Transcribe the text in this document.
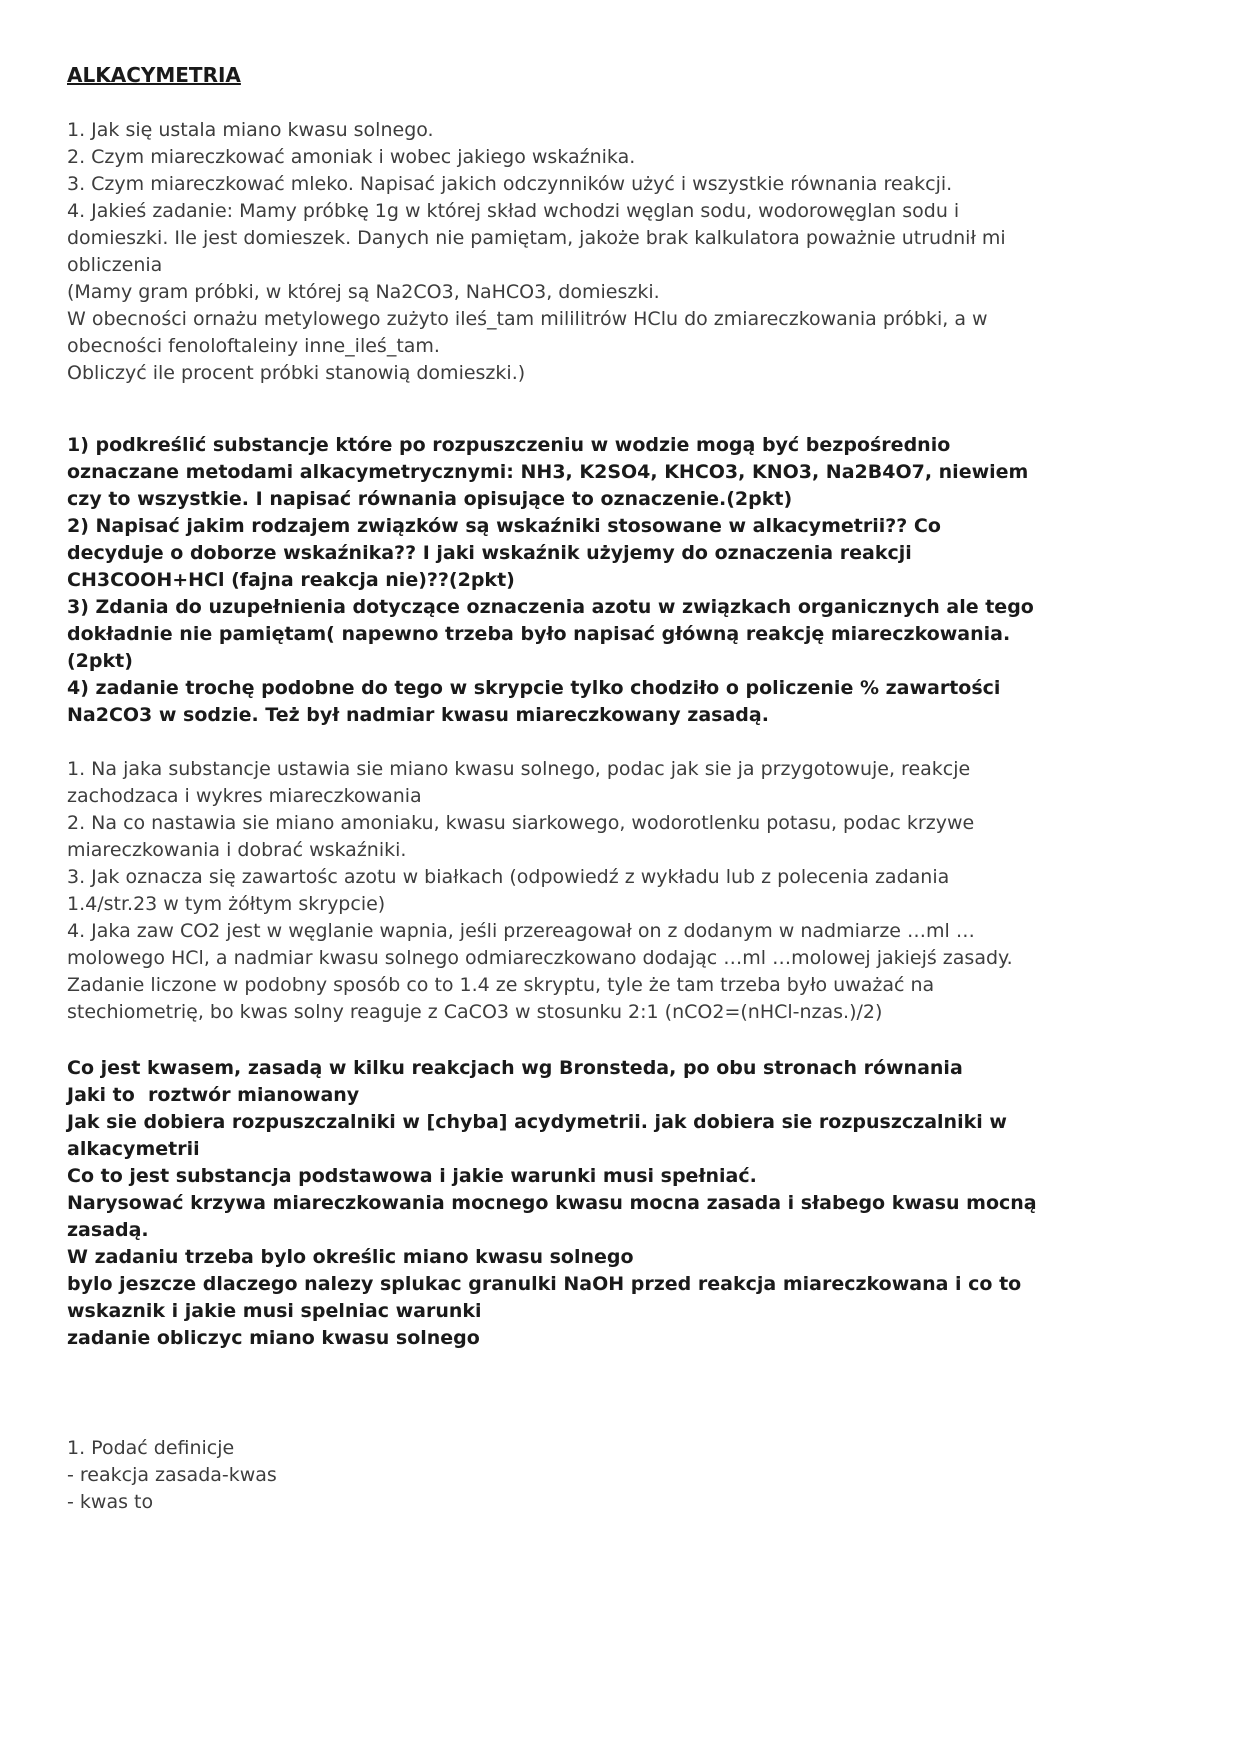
ALKACYMETRIA

1. Jak się ustala miano kwasu solnego.

2. Czym miareczkować amoniak i wobec jakiego wskaźnika.

3. Czym miareczkować mleko. Napisać jakich odczynników użyć i wszystkie równania reakcji.

4. Jakieś zadanie: Mamy próbkę 1g w której skład wchodzi węglan sodu, wodorowęglan sodu i domieszki. Ile jest domieszek. Danych nie pamiętam, jakoże brak kalkulatora poważnie utrudnił mi obliczenia

(Mamy gram próbki, w której są Na2CO3, NaHCO3, domieszki.

W obecności ornażu metylowego zużyto ileś_tam mililitrów HClu do zmiareczkowania próbki, a w obecności fenoloftaleiny inne_ileś_tam.

Obliczyć ile procent próbki stanowią domieszki.)

1) podkreślić substancje które po rozpuszczeniu w wodzie mogą być bezpośrednio oznaczane metodami alkacymetrycznymi: NH3, K2SO4, KHCO3, KNO3, Na2B4O7, niewiem czy to wszystkie. I napisać równania opisujące to oznaczenie.(2pkt)

2) Napisać jakim rodzajem związków są wskaźniki stosowane w alkacymetrii?? Co decyduje o doborze wskaźnika?? I jaki wskaźnik użyjemy do oznaczenia reakcji CH3COOH+HCl (fajna reakcja nie)??(2pkt)

3) Zdania do uzupełnienia dotyczące oznaczenia azotu w związkach organicznych ale tego dokładnie nie pamiętam( napewno trzeba było napisać główną reakcję miareczkowania.(2pkt)

4) zadanie trochę podobne do tego w skrypcie tylko chodziło o policzenie % zawartości Na2CO3 w sodzie. Też był nadmiar kwasu miareczkowany zasadą.

1. Na jaka substancje ustawia sie miano kwasu solnego, podac jak sie ja przygotowuje, reakcje zachodzaca i wykres miareczkowania

2. Na co nastawia sie miano amoniaku, kwasu siarkowego, wodorotlenku potasu, podac krzywe miareczkowania i dobrać wskaźniki.

3. Jak oznacza się zawartośc azotu w białkach (odpowiedź z wykładu lub z polecenia zadania 1.4/str.23 w tym żółtym skrypcie)

4. Jaka zaw CO2 jest w węglanie wapnia, jeśli przereagował on z dodanym w nadmiarze …ml …molowego HCl, a nadmiar kwasu solnego odmiareczkowano dodając …ml …molowej jakiejś zasady.

Zadanie liczone w podobny sposób co to 1.4 ze skryptu, tyle że tam trzeba było uważać na stechiometrię, bo kwas solny reaguje z CaCO3 w stosunku 2:1 (nCO2=(nHCl-nzas.)/2)

Co jest kwasem, zasadą w kilku reakcjach wg Bronsteda, po obu stronach równania

Jaki to  roztwór mianowany

Jak sie dobiera rozpuszczalniki w [chyba] acydymetrii. jak dobiera sie rozpuszczalniki w alkacymetrii

Co to jest substancja podstawowa i jakie warunki musi spełniać.

Narysować krzywa miareczkowania mocnego kwasu mocna zasada i słabego kwasu mocną zasadą.

W zadaniu trzeba bylo określic miano kwasu solnego

bylo jeszcze dlaczego nalezy splukac granulki NaOH przed reakcja miareczkowana i co to wskaznik i jakie musi spelniac warunki

zadanie obliczyc miano kwasu solnego

1. Podać definicje

- reakcja zasada-kwas

- kwas to
